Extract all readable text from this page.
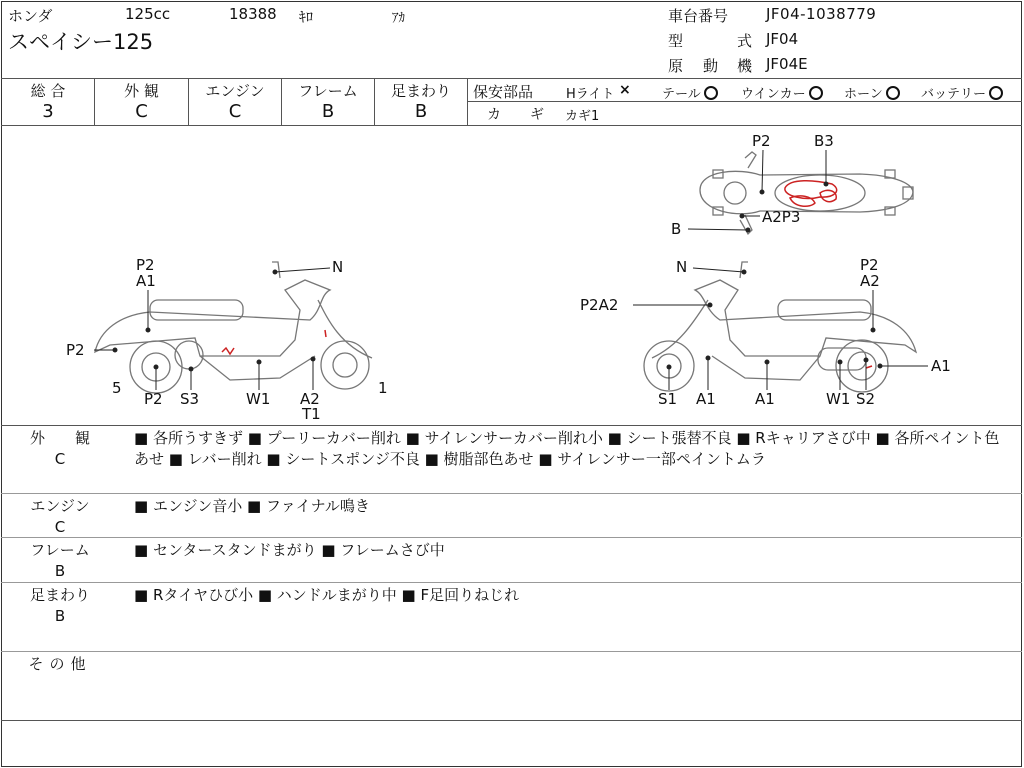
ホンダ	125cc	18388 ｷﾛ	ｱｶ
スペイシー125
車台番号	JF04-1038779
型	式 JF04
原 動 機 JF04E
総 合
3
外 観
C
エンジン
C
フレーム
B
足まわり
B
保安部品	Hライト × テール	ウインカー	ホーン	バッテリー
カ ギ カギ1
P2	B3
A2P3
B
P2
A1
N
P2
5
P2 S3	W1 A2
T1
1
N	P2
A2
P2A2
A1
S1 A1	A1	W1 S2
外　　 観
C
■ 各所うすきず ■ プーリーカバー削れ ■ サイレンサーカバー削れ小 ■ シート張替不良 ■ Rキャリアさび中 ■ 各所ペイント色あせ ■ レバー削れ ■ シートスポンジ不良 ■ 樹脂部色あせ ■ サイレンサー一部ペイントムラ
エンジン
C
■ エンジン音小 ■ ファイナル鳴き
フレーム
B
■ センタースタンドまがり ■ フレームさび中
足まわり
B
■ Rタイヤひび小 ■ ハンドルまがり中 ■ F足回りねじれ
その他
